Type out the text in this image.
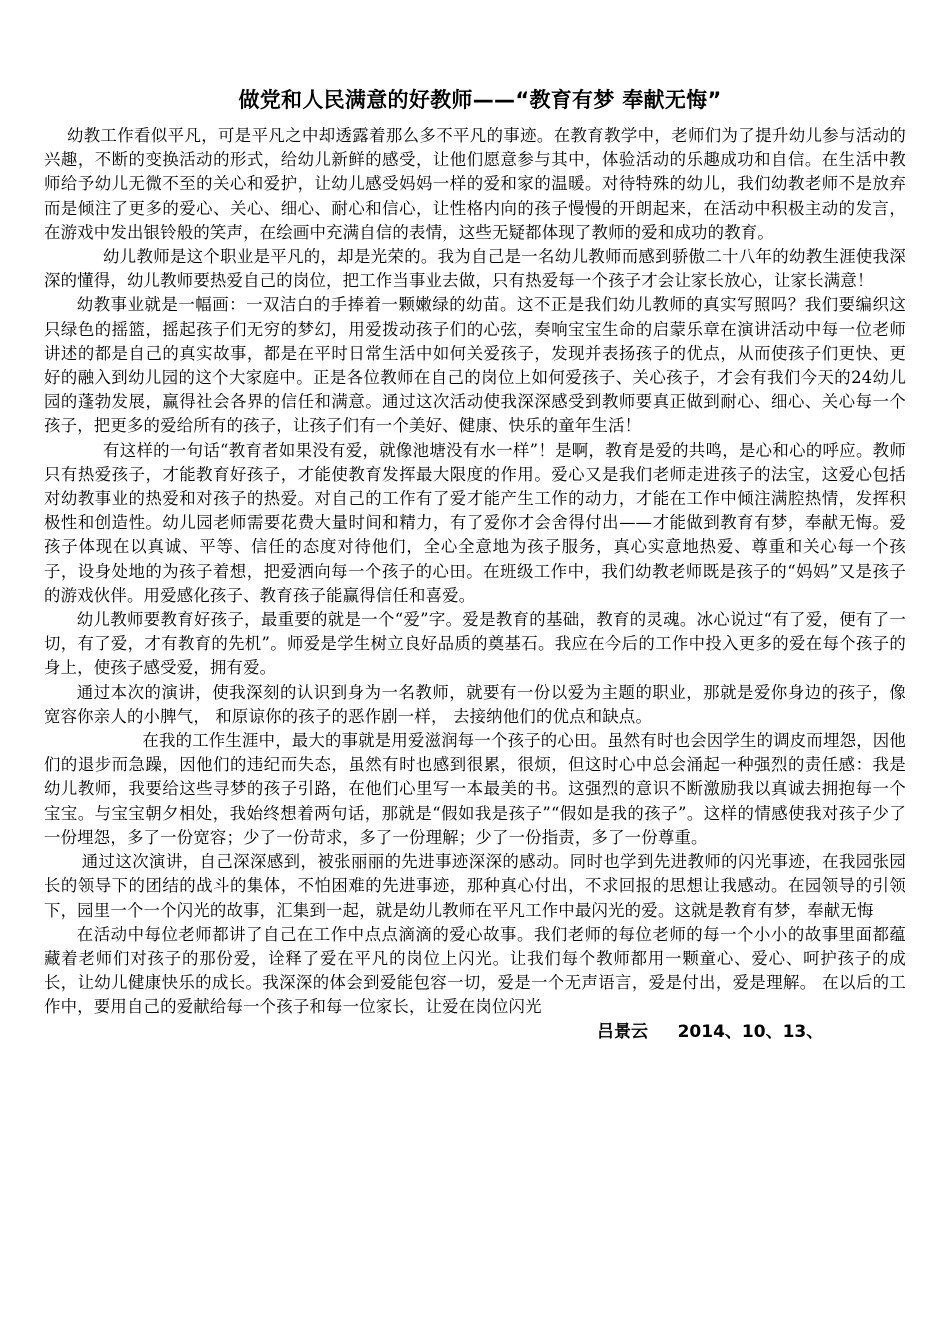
做党和人民满意的好教师——“教育有梦 奉献无悔”

幼教工作看似平凡，可是平凡之中却透露着那么多不平凡的事迹。在教育教学中，老师们为了提升幼儿参与活动的兴趣，不断的变换活动的形式，给幼儿新鲜的感受，让他们愿意参与其中，体验活动的乐趣成功和自信。在生活中教师给予幼儿无微不至的关心和爱护，让幼儿感受妈妈一样的爱和家的温暖。对待特殊的幼儿，我们幼教老师不是放弃而是倾注了更多的爱心、关心、细心、耐心和信心，让性格内向的孩子慢慢的开朗起来，在活动中积极主动的发言，在游戏中发出银铃般的笑声，在绘画中充满自信的表情，这些无疑都体现了教师的爱和成功的教育。

幼儿教师是这个职业是平凡的，却是光荣的。我为自己是一名幼儿教师而感到骄傲二十八年的幼教生涯使我深深的懂得，幼儿教师要热爱自己的岗位，把工作当事业去做，只有热爱每一个孩子才会让家长放心，让家长满意！

幼教事业就是一幅画：一双洁白的手捧着一颗嫩绿的幼苗。这不正是我们幼儿教师的真实写照吗？我们要编织这只绿色的摇篮，摇起孩子们无穷的梦幻，用爱拨动孩子们的心弦，奏响宝宝生命的启蒙乐章在演讲活动中每一位老师讲述的都是自己的真实故事，都是在平时日常生活中如何关爱孩子，发现并表扬孩子的优点，从而使孩子们更快、更好的融入到幼儿园的这个大家庭中。正是各位教师在自己的岗位上如何爱孩子、关心孩子，才会有我们今天的24幼儿园的蓬勃发展，赢得社会各界的信任和满意。通过这次活动使我深深感受到教师要真正做到耐心、细心、关心每一个孩子，把更多的爱给所有的孩子，让孩子们有一个美好、健康、快乐的童年生活！

有这样的一句话“教育者如果没有爱，就像池塘没有水一样”！是啊，教育是爱的共鸣，是心和心的呼应。教师只有热爱孩子，才能教育好孩子，才能使教育发挥最大限度的作用。爱心又是我们老师走进孩子的法宝，这爱心包括对幼教事业的热爱和对孩子的热爱。对自己的工作有了爱才能产生工作的动力，才能在工作中倾注满腔热情，发挥积极性和创造性。幼儿园老师需要花费大量时间和精力，有了爱你才会舍得付出——才能做到教育有梦，奉献无悔。爱孩子体现在以真诚、平等、信任的态度对待他们，全心全意地为孩子服务，真心实意地热爱、尊重和关心每一个孩子，设身处地的为孩子着想，把爱洒向每一个孩子的心田。在班级工作中，我们幼教老师既是孩子的“妈妈”又是孩子的游戏伙伴。用爱感化孩子、教育孩子能赢得信任和喜爱。

幼儿教师要教育好孩子，最重要的就是一个“爱”字。爱是教育的基础，教育的灵魂。冰心说过“有了爱，便有了一切，有了爱，才有教育的先机”。师爱是学生树立良好品质的奠基石。我应在今后的工作中投入更多的爱在每个孩子的身上，使孩子感受爱，拥有爱。

通过本次的演讲，使我深刻的认识到身为一名教师，就要有一份以爱为主题的职业，那就是爱你身边的孩子，像宽容你亲人的小脾气， 和原谅你的孩子的恶作剧一样， 去接纳他们的优点和缺点。

在我的工作生涯中，最大的事就是用爱滋润每一个孩子的心田。虽然有时也会因学生的调皮而埋怨，因他们的退步而急躁，因他们的违纪而失态，虽然有时也感到很累，很烦，但这时心中总会涌起一种强烈的责任感：我是幼儿教师，我要给这些寻梦的孩子引路，在他们心里写一本最美的书。这强烈的意识不断激励我以真诚去拥抱每一个宝宝。与宝宝朝夕相处，我始终想着两句话，那就是“假如我是孩子”“假如是我的孩子”。这样的情感使我对孩子少了一份埋怨，多了一份宽容；少了一份苛求，多了一份理解；少了一份指责，多了一份尊重。

通过这次演讲，自己深深感到，被张丽丽的先进事迹深深的感动。同时也学到先进教师的闪光事迹，在我园张园长的领导下的团结的战斗的集体，不怕困难的先进事迹，那种真心付出，不求回报的思想让我感动。在园领导的引领下，园里一个一个闪光的故事，汇集到一起，就是幼儿教师在平凡工作中最闪光的爱。这就是教育有梦，奉献无悔

在活动中每位老师都讲了自己在工作中点点滴滴的爱心故事。我们老师的每位老师的每一个小小的故事里面都蕴藏着老师们对孩子的那份爱，诠释了爱在平凡的岗位上闪光。让我们每个教师都用一颗童心、爱心、呵护孩子的成长，让幼儿健康快乐的成长。我深深的体会到爱能包容一切，爱是一个无声语言，爱是付出，爱是理解。 在以后的工作中，要用自己的爱献给每一个孩子和每一位家长，让爱在岗位闪光

吕景云     2014、10、13、
